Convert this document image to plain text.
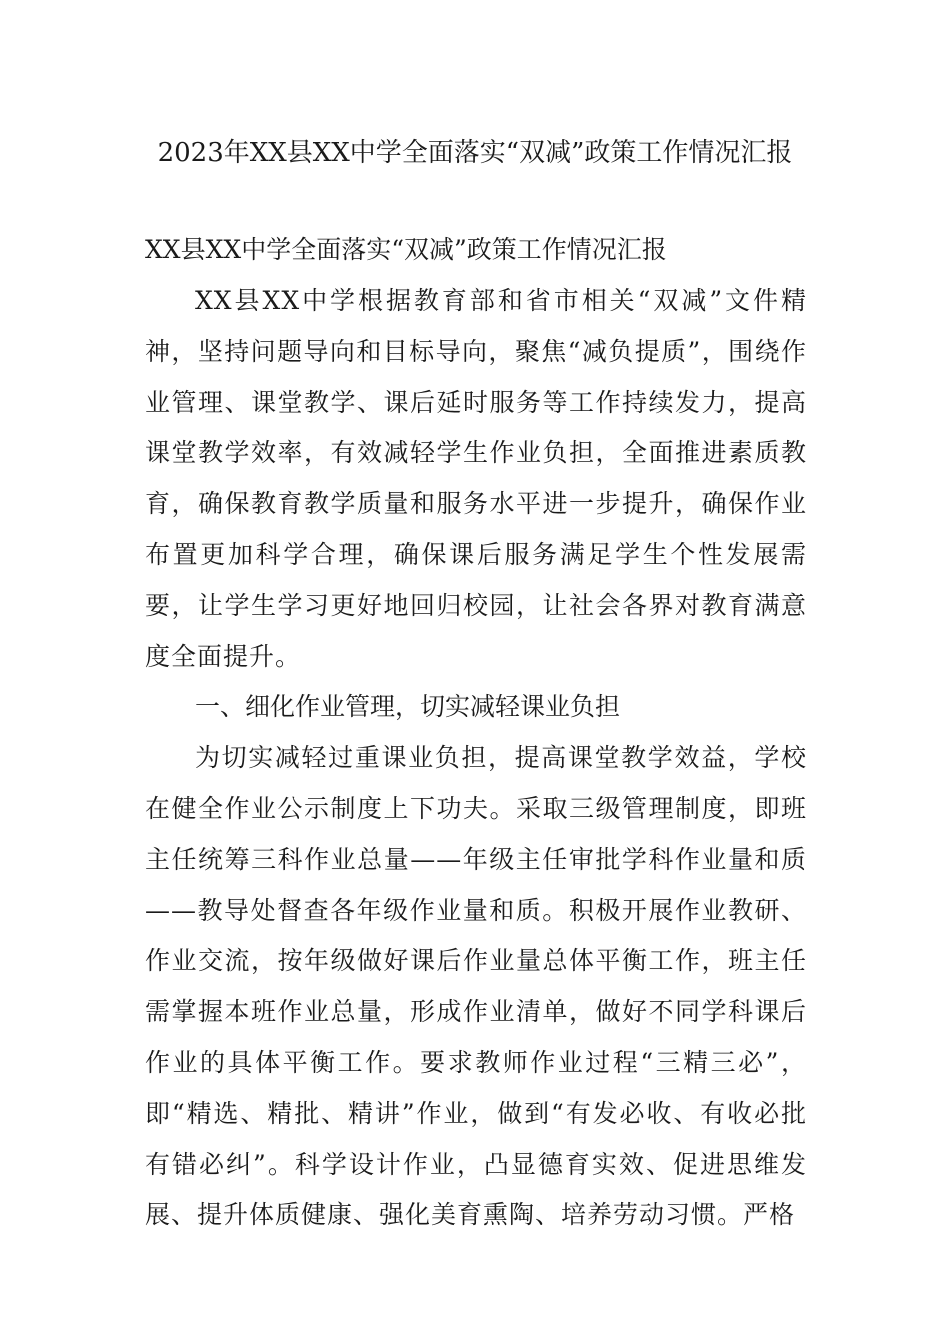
2023年XX县XX中学全面落实“双减”政策工作情况汇报
XX县XX中学全面落实“双减”政策工作情况汇报

XX县XX中学根据教育部和省市相关“双减”文件精神，坚持问题导向和目标导向，聚焦“减负提质”，围绕作业管理、课堂教学、课后延时服务等工作持续发力，提高课堂教学效率，有效减轻学生作业负担，全面推进素质教育，确保教育教学质量和服务水平进一步提升，确保作业布置更加科学合理，确保课后服务满足学生个性发展需要，让学生学习更好地回归校园，让社会各界对教育满意度全面提升。

一、细化作业管理，切实减轻课业负担

为切实减轻过重课业负担，提高课堂教学效益，学校在健全作业公示制度上下功夫。采取三级管理制度，即班主任统筹三科作业总量——年级主任审批学科作业量和质——教导处督查各年级作业量和质。积极开展作业教研、作业交流，按年级做好课后作业量总体平衡工作，班主任需掌握本班作业总量，形成作业清单，做好不同学科课后作业的具体平衡工作。要求教师作业过程“三精三必”，即“精选、精批、精讲”作业，做到“有发必收、有收必批有错必纠”。科学设计作业，凸显德育实效、促进思维发展、提升体质健康、强化美育熏陶、培养劳动习惯。严格
